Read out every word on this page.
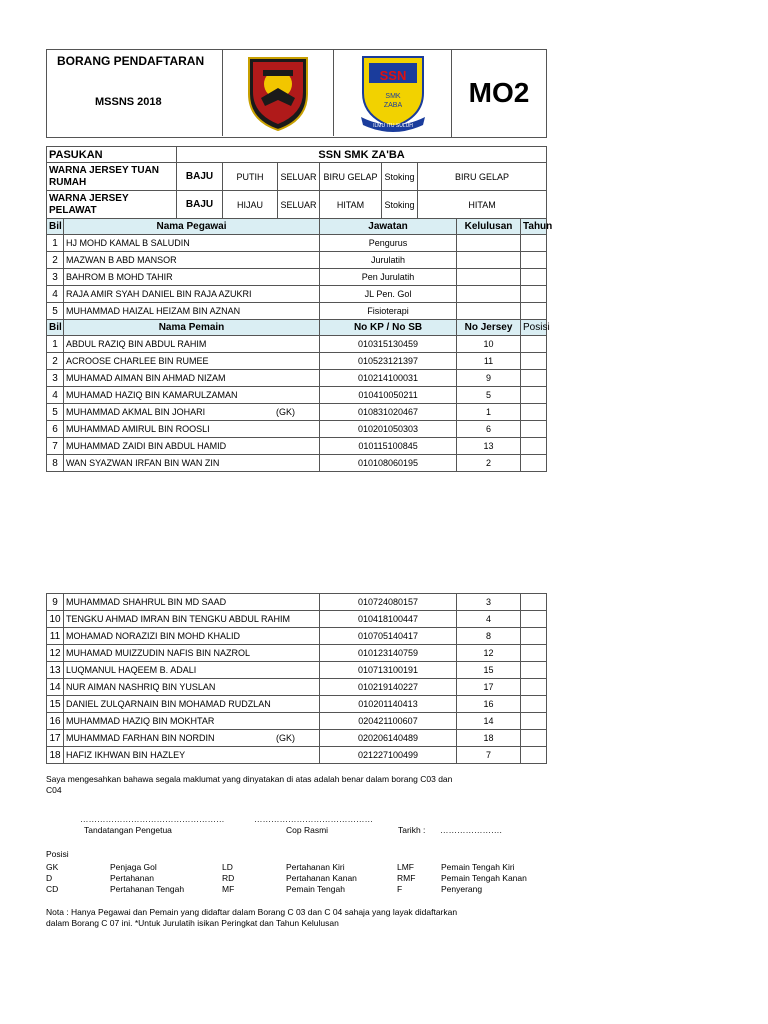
BORANG PENDAFTARAN
MSSNS 2018
SSN
SMK
ZABA
ILMU ITU SULUH
MO2
PASUKAN		SSN SMK ZA'BA							
WARNA JERSEY TUAN RUMAH		BAJU	PUTIH	SELUAR	BIRU GELAP	Stoking	BIRU GELAP		
WARNA JERSEY PELAWAT		BAJU	HIJAU	SELUAR	HITAM	Stoking	HITAM		
Bil	Nama Pegawai				Jawatan			Kelulusan	Tahun
1	HJ MOHD KAMAL B SALUDIN				Pengurus				
2	MAZWAN B ABD MANSOR				Jurulatih				
3	BAHROM B MOHD TAHIR				Pen Jurulatih				
4	RAJA AMIR SYAH DANIEL BIN RAJA AZUKRI				JL Pen. Gol				
5	MUHAMMAD HAIZAL HEIZAM BIN AZNAN				Fisioterapi				
Bil	Nama Pemain				No KP / No SB			No Jersey	Posisi
1	ABDUL RAZIQ BIN ABDUL RAHIM				010315130459			10	
2	ACROOSE CHARLEE BIN RUMEE				010523121397			11	
3	MUHAMAD AIMAN BIN AHMAD NIZAM				010214100031			9	
4	MUHAMAD HAZIQ BIN KAMARULZAMAN				010410050211			5	
5	MUHAMMAD AKMAL BIN JOHARI (GK)				010831020467			1	
6	MUHAMMAD AMIRUL BIN ROOSLI				010201050303			6	
7	MUHAMMAD ZAIDI BIN ABDUL HAMID				010115100845			13	
8	WAN SYAZWAN IRFAN BIN WAN ZIN				010108060195			2	
9	MUHAMMAD SHAHRUL BIN MD SAAD	010724080157	3	
10	TENGKU AHMAD IMRAN BIN TENGKU ABDUL RAHIM	010418100447	4	
11	MOHAMAD NORAZIZI BIN MOHD KHALID	010705140417	8	
12	MUHAMAD MUIZZUDIN NAFIS BIN NAZROL	010123140759	12	
13	LUQMANUL HAQEEM B. ADALI	010713100191	15	
14	NUR AIMAN NASHRIQ BIN YUSLAN	010219140227	17	
15	DANIEL ZULQARNAIN BIN MOHAMAD RUDZLAN	010201140413	16	
16	MUHAMMAD HAZIQ BIN MOKHTAR	020421100607	14	
17	MUHAMMAD FARHAN BIN NORDIN (GK)	020206140489	18	
18	HAFIZ IKHWAN BIN HAZLEY	021227100499	7	
Saya mengesahkan bahawa segala maklumat yang dinyatakan di atas adalah benar dalam borang C03 dan C04
……………………………………………	……………………………………
Tandatangan Pengetua	Cop Rasmi	Tarikh : ………………….
Posisi
GK	Penjaga Gol	LD	Pertahanan Kiri	LMF	Pemain Tengah Kiri
D	Pertahanan	RD	Pertahanan Kanan	RMF	Pemain Tengah Kanan
CD	Pertahanan Tengah	MF	Pemain Tengah	F	Penyerang
Nota : Hanya Pegawai dan Pemain yang didaftar dalam Borang C 03 dan C 04 sahaja yang layak didaftarkan dalam Borang C 07 ini. *Untuk Jurulatih isikan Peringkat dan Tahun Kelulusan
